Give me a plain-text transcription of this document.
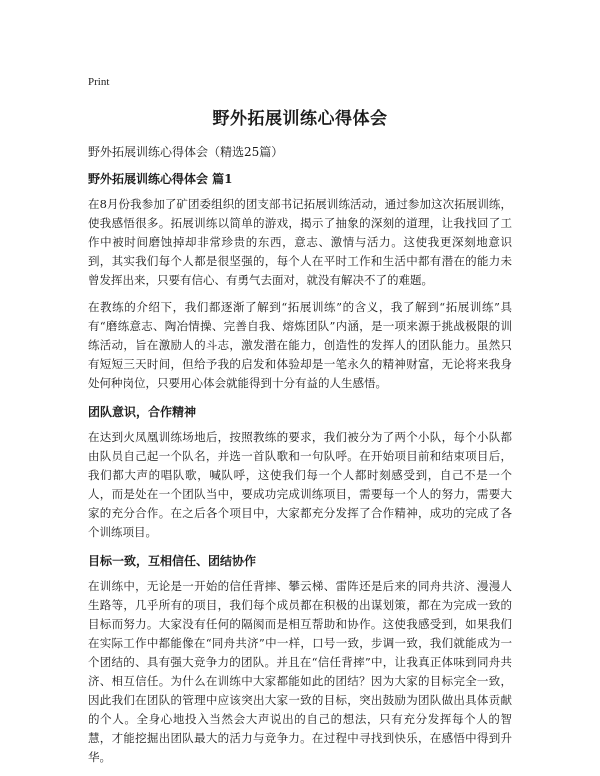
Print
野外拓展训练心得体会
野外拓展训练心得体会（精选25篇）
野外拓展训练心得体会 篇1

在8月份我参加了矿团委组织的团支部书记拓展训练活动，通过参加这次拓展训练，使我感悟很多。拓展训练以简单的游戏，揭示了抽象的深刻的道理，让我找回了工作中被时间磨蚀掉却非常珍贵的东西，意志、激情与活力。这使我更深刻地意识到，其实我们每个人都是很坚强的，每个人在平时工作和生活中都有潜在的能力未曾发挥出来，只要有信心、有勇气去面对，就没有解决不了的难题。

在教练的介绍下，我们都逐渐了解到“拓展训练”的含义，我了解到“拓展训练”具有“磨练意志、陶冶情操、完善自我、熔炼团队”内涵，是一项来源于挑战极限的训练活动，旨在激励人的斗志，激发潜在能力，创造性的发挥人的团队能力。虽然只有短短三天时间，但给予我的启发和体验却是一笔永久的精神财富，无论将来我身处何种岗位，只要用心体会就能得到十分有益的人生感悟。

团队意识，合作精神

在达到火凤凰训练场地后，按照教练的要求，我们被分为了两个小队，每个小队都由队员自己起一个队名，并选一首队歌和一句队呼。在开始项目前和结束项目后，我们都大声的唱队歌，喊队呼，这使我们每一个人都时刻感受到，自己不是一个人，而是处在一个团队当中，要成功完成训练项目，需要每一个人的努力，需要大家的充分合作。在之后各个项目中，大家都充分发挥了合作精神，成功的完成了各个训练项目。

目标一致，互相信任、团结协作

在训练中，无论是一开始的信任背摔、攀云梯、雷阵还是后来的同舟共济、漫漫人生路等，几乎所有的项目，我们每个成员都在积极的出谋划策，都在为完成一致的目标而努力。大家没有任何的隔阂而是相互帮助和协作。这使我感受到，如果我们在实际工作中都能像在“同舟共济”中一样，口号一致，步调一致，我们就能成为一个团结的、具有强大竞争力的团队。并且在“信任背摔”中，让我真正体味到同舟共济、相互信任。为什么在训练中大家都能如此的团结？因为大家的目标完全一致，因此我们在团队的管理中应该突出大家一致的目标，突出鼓励为团队做出具体贡献的个人。全身心地投入当然会大声说出的自己的想法，只有充分发挥每个人的智慧，才能挖掘出团队最大的活力与竞争力。在过程中寻找到快乐，在感悟中得到升华。
